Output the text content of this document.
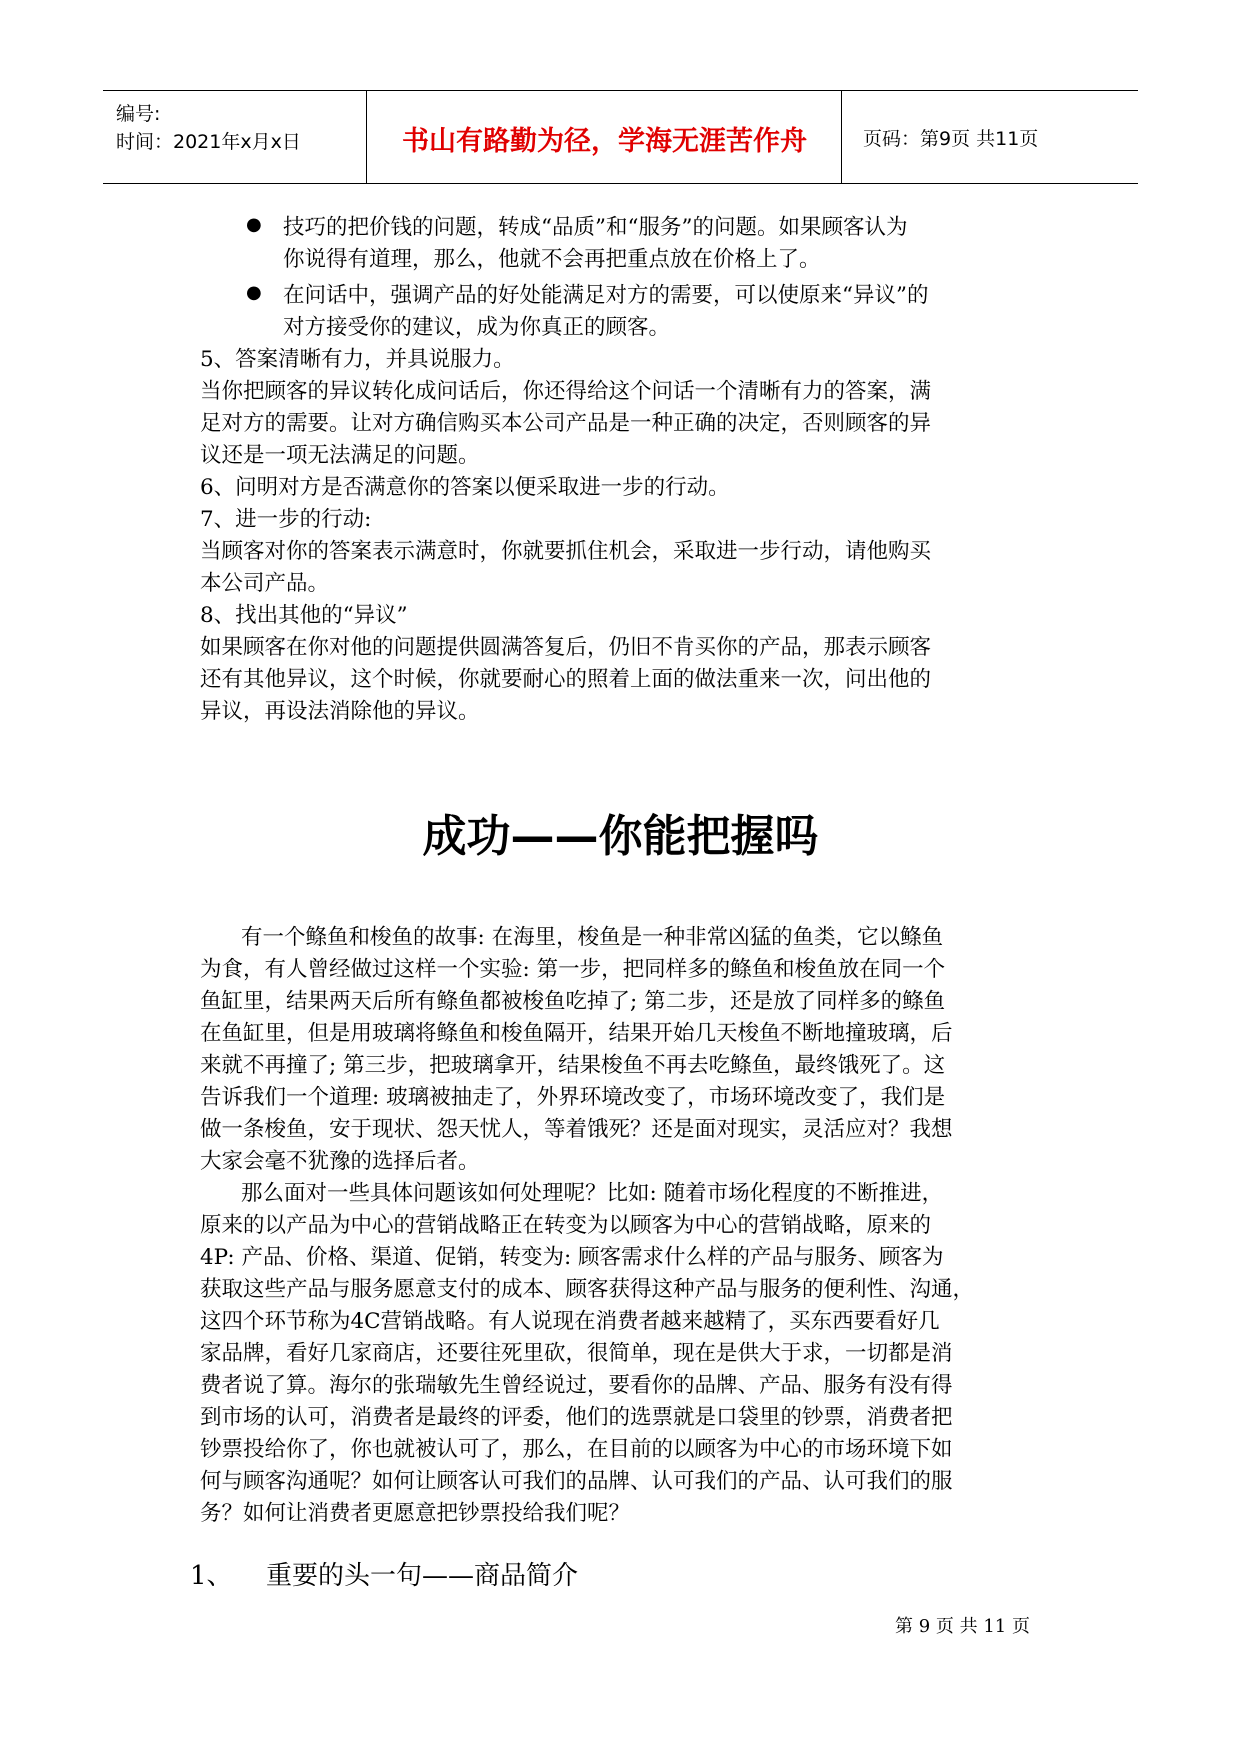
编号:
时间：2021年x月x日	书山有路勤为径，学海无涯苦作舟	页码：第9页 共11页
● 技巧的把价钱的问题，转成“品质”和“服务”的问题。如果顾客认为
你说得有道理，那么，他就不会再把重点放在价格上了。
● 在问话中，强调产品的好处能满足对方的需要，可以使原来“异议”的
对方接受你的建议，成为你真正的顾客。
5、答案清晰有力，并具说服力。
当你把顾客的异议转化成问话后，你还得给这个问话一个清晰有力的答案，满
足对方的需要。让对方确信购买本公司产品是一种正确的决定，否则顾客的异
议还是一项无法满足的问题。
6、问明对方是否满意你的答案以便采取进一步的行动。
7、进一步的行动:
当顾客对你的答案表示满意时，你就要抓住机会，采取进一步行动，请他购买
本公司产品。
8、找出其他的“异议”
如果顾客在你对他的问题提供圆满答复后，仍旧不肯买你的产品，那表示顾客
还有其他异议，这个时候，你就要耐心的照着上面的做法重来一次，问出他的
异议，再设法消除他的异议。
成功——你能把握吗
有一个鲦鱼和梭鱼的故事: 在海里，梭鱼是一种非常凶猛的鱼类，它以鲦鱼
为食，有人曾经做过这样一个实验: 第一步，把同样多的鲦鱼和梭鱼放在同一个
鱼缸里，结果两天后所有鲦鱼都被梭鱼吃掉了; 第二步，还是放了同样多的鲦鱼
在鱼缸里，但是用玻璃将鲦鱼和梭鱼隔开，结果开始几天梭鱼不断地撞玻璃，后
来就不再撞了; 第三步，把玻璃拿开，结果梭鱼不再去吃鲦鱼，最终饿死了。这
告诉我们一个道理: 玻璃被抽走了，外界环境改变了，市场环境改变了，我们是
做一条梭鱼，安于现状、怨天忧人，等着饿死？还是面对现实，灵活应对？我想
大家会毫不犹豫的选择后者。
那么面对一些具体问题该如何处理呢？比如: 随着市场化程度的不断推进，
原来的以产品为中心的营销战略正在转变为以顾客为中心的营销战略，原来的
4P: 产品、价格、渠道、促销，转变为: 顾客需求什么样的产品与服务、顾客为
获取这些产品与服务愿意支付的成本、顾客获得这种产品与服务的便利性、沟通，
这四个环节称为4C营销战略。有人说现在消费者越来越精了，买东西要看好几
家品牌，看好几家商店，还要往死里砍，很简单，现在是供大于求，一切都是消
费者说了算。海尔的张瑞敏先生曾经说过，要看你的品牌、产品、服务有没有得
到市场的认可，消费者是最终的评委，他们的选票就是口袋里的钞票，消费者把
钞票投给你了，你也就被认可了，那么，在目前的以顾客为中心的市场环境下如
何与顾客沟通呢？如何让顾客认可我们的品牌、认可我们的产品、认可我们的服
务？如何让消费者更愿意把钞票投给我们呢？
1、 重要的头一句——商品简介
第 9 页 共 11 页
